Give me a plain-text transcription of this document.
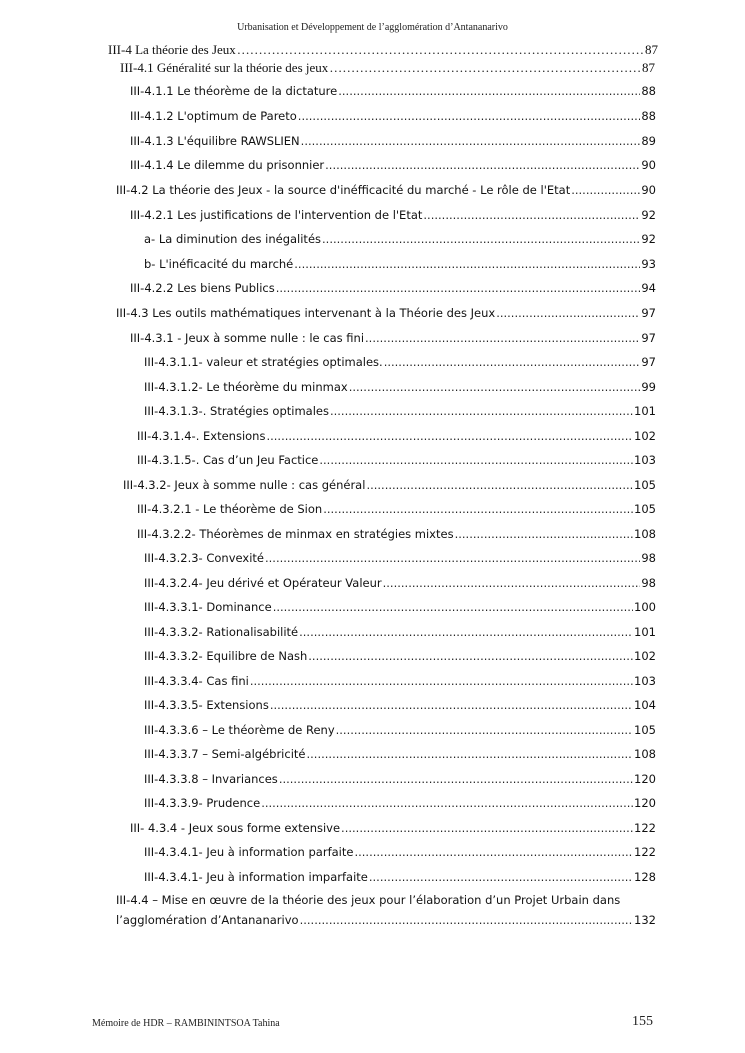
Urbanisation et Développement de l’agglomération d’Antananarivo
III-4 La théorie des Jeux ……………………………………………………………………………………………………………………………………………………………………	87
III-4.1 Généralité sur la théorie des jeux ……………………………………………………………………………………………………………………………………………………………………	87
III-4.1.1 Le théorème de la dictature .....	88
III-4.1.2 L'optimum de Pareto .....	88
III-4.1.3 L'équilibre RAWSLIEN .....	89
III-4.1.4 Le dilemme du prisonnier .....	90
III-4.2 La théorie des Jeux - la source d'inéfficacité du marché - Le rôle de l'Etat .....	90
III-4.2.1 Les justifications de l'intervention de l'Etat .....	92
a- La diminution des inégalités .....	92
b- L'inéficacité du marché .....	93
III-4.2.2 Les biens Publics .....	94
III-4.3 Les outils mathématiques intervenant à la Théorie des Jeux .....	97
III-4.3.1 - Jeux à somme nulle : le cas fini .....	97
III-4.3.1.1- valeur et stratégies optimales. .....	97
III-4.3.1.2- Le théorème du minmax .....	99
III-4.3.1.3-. Stratégies optimales .....	101
III-4.3.1.4-. Extensions .....	102
III-4.3.1.5-. Cas d’un Jeu Factice .....	103
III-4.3.2- Jeux à somme nulle : cas général .....	105
III-4.3.2.1 - Le théorème de Sion .....	105
III-4.3.2.2- Théorèmes de minmax en stratégies mixtes .....	108
III-4.3.2.3- Convexité .....	98
III-4.3.2.4- Jeu dérivé et Opérateur Valeur .....	98
III-4.3.3.1- Dominance .....	100
III-4.3.3.2- Rationalisabilité .....	101
III-4.3.3.2- Equilibre de Nash .....	102
III-4.3.3.4- Cas fini .....	103
III-4.3.3.5- Extensions .....	104
III-4.3.3.6 – Le théorème de Reny .....	105
III-4.3.3.7 – Semi-algébricité .....	108
III-4.3.3.8 – Invariances .....	120
III-4.3.3.9- Prudence .....	120
III- 4.3.4 - Jeux sous forme extensive .....	122
III-4.3.4.1- Jeu à information parfaite .....	122
III-4.3.4.1- Jeu à information imparfaite .....	128
III-4.4 – Mise en œuvre de la théorie des jeux pour l’élaboration d’un Projet Urbain dans
l’agglomération d’Antananarivo .....	132
Mémoire de HDR – RAMBININTSOA Tahina	155
